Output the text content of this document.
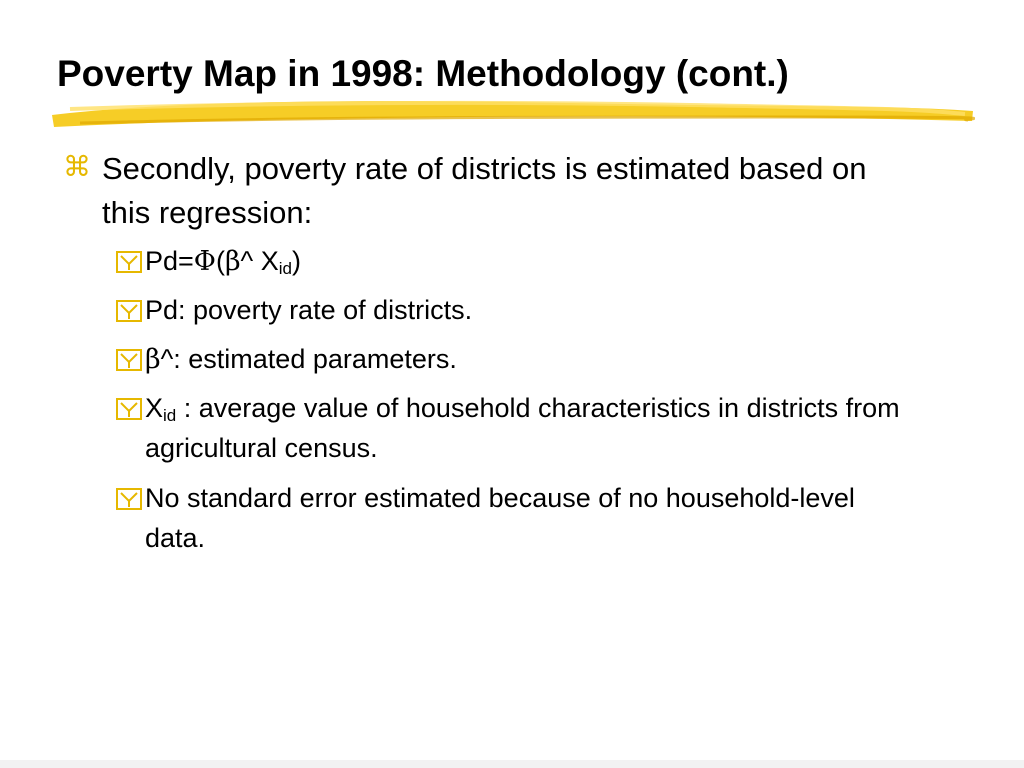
Poverty Map in 1998: Methodology (cont.)
⌘ Secondly, poverty rate of districts is estimated based on this regression:
Pd=Φ(β^ $X_{id}$)
Pd: poverty rate of districts.
β^: estimated parameters.
$X_{id}$ : average value of household characteristics in districts from agricultural census.
No standard error estimated because of no household-level data.
